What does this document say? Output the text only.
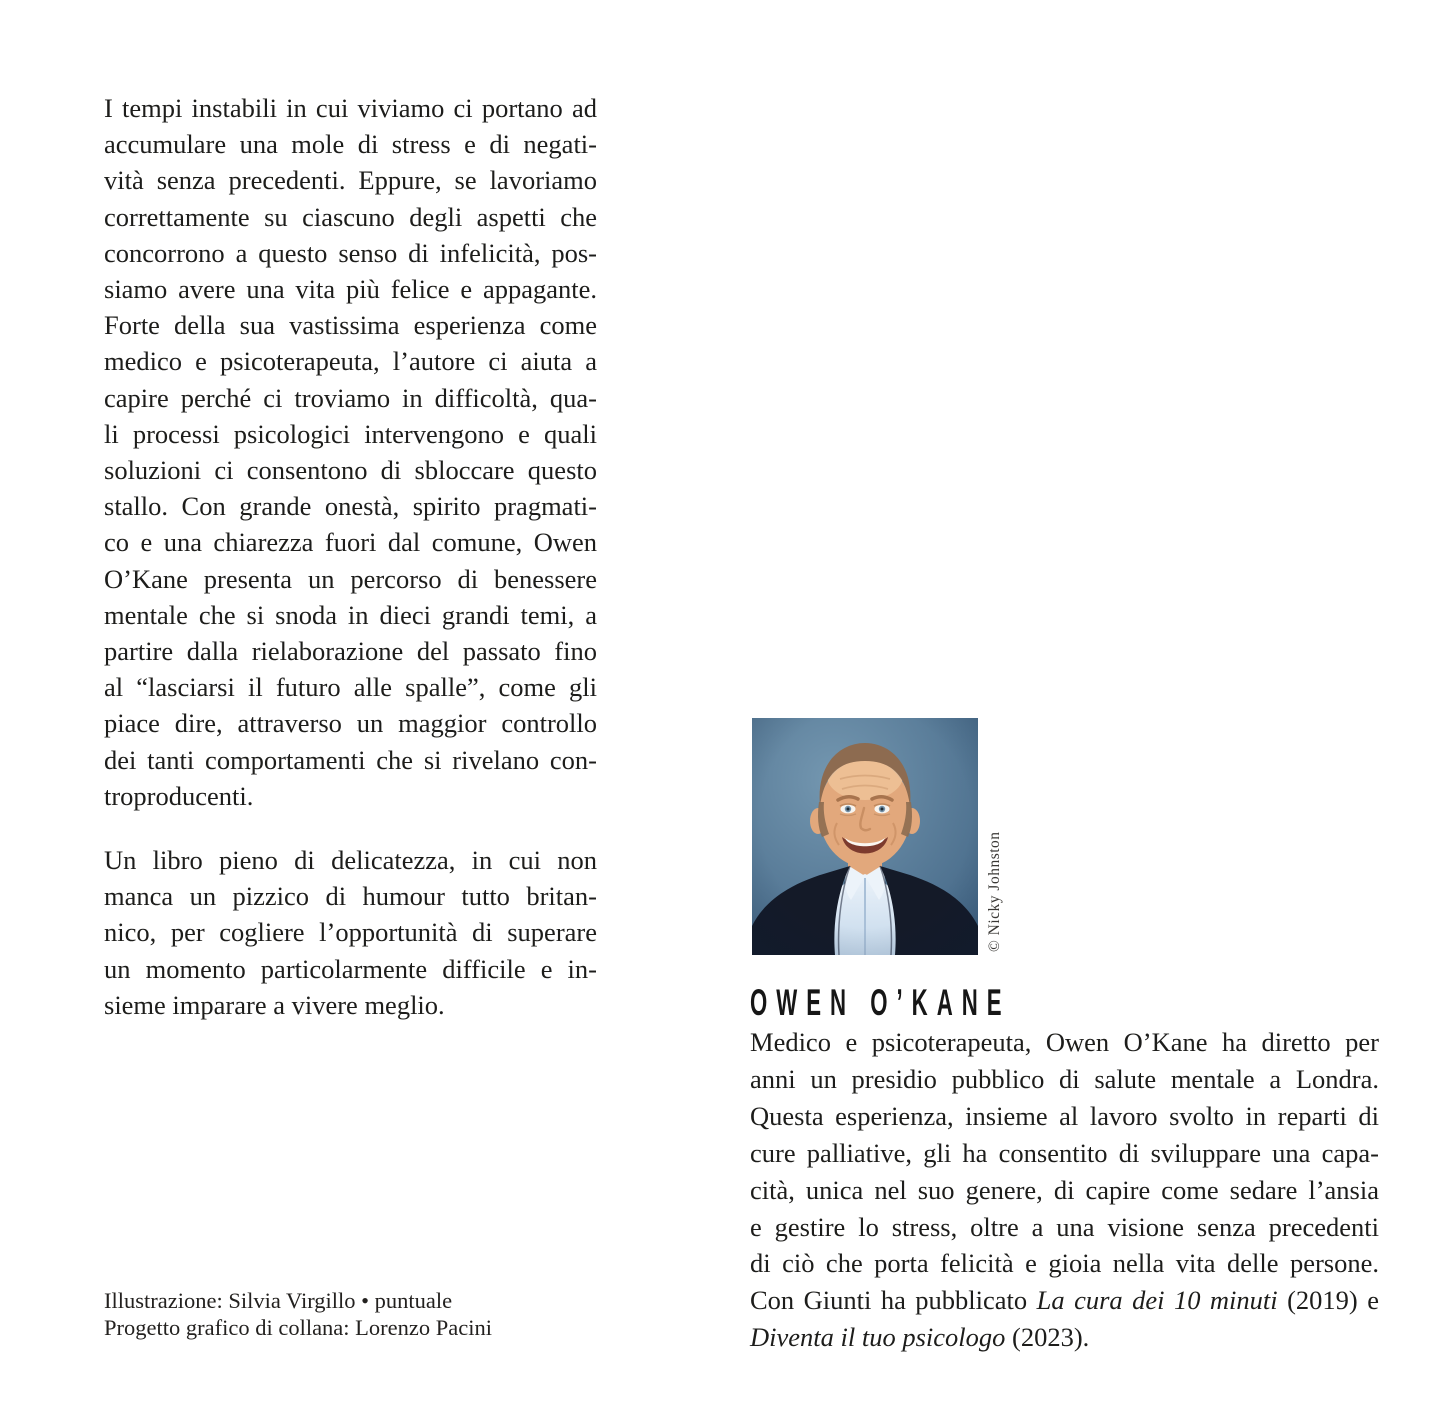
I tempi instabili in cui viviamo ci portano ad
accumulare una mole di stress e di negati-
vità senza precedenti. Eppure, se lavoriamo
correttamente su ciascuno degli aspetti che
concorrono a questo senso di infelicità, pos-
siamo avere una vita più felice e appagante.
Forte della sua vastissima esperienza come
medico e psicoterapeuta, l’autore ci aiuta a
capire perché ci troviamo in difficoltà, qua-
li processi psicologici intervengono e quali
soluzioni ci consentono di sbloccare questo
stallo. Con grande onestà, spirito pragmati-
co e una chiarezza fuori dal comune, Owen
O’Kane presenta un percorso di benessere
mentale che si snoda in dieci grandi temi, a
partire dalla rielaborazione del passato fino
al “lasciarsi il futuro alle spalle”, come gli
piace dire, attraverso un maggior controllo
dei tanti comportamenti che si rivelano con-
troproducenti.
Un libro pieno di delicatezza, in cui non
manca un pizzico di humour tutto britan-
nico, per cogliere l’opportunità di superare
un momento particolarmente difficile e in-
sieme imparare a vivere meglio.
Illustrazione: Silvia Virgillo • puntuale
Progetto grafico di collana: Lorenzo Pacini
© Nicky Johnston
OWEN O’KANE
Medico e psicoterapeuta, Owen O’Kane ha diretto per
anni un presidio pubblico di salute mentale a Londra.
Questa esperienza, insieme al lavoro svolto in reparti di
cure palliative, gli ha consentito di sviluppare una capa-
cità, unica nel suo genere, di capire come sedare l’ansia
e gestire lo stress, oltre a una visione senza precedenti
di ciò che porta felicità e gioia nella vita delle persone.
Con Giunti ha pubblicato La cura dei 10 minuti (2019) e
Diventa il tuo psicologo (2023).
